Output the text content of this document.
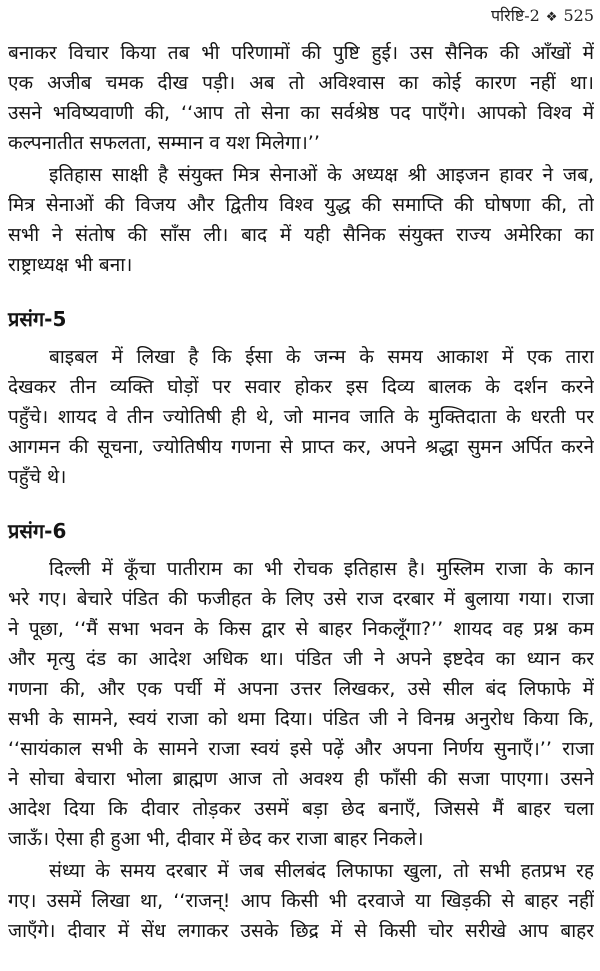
परिष्टि-2 ❖ 525
बनाकर विचार किया तब भी परिणामों की पुष्टि हुई। उस सैनिक की आँखों में
एक अजीब चमक दीख पड़ी। अब तो अविश्वास का कोई कारण नहीं था।
उसने भविष्यवाणी की, ‘‘आप तो सेना का सर्वश्रेष्ठ पद पाएँगे। आपको विश्व में
कल्पनातीत सफलता, सम्मान व यश मिलेगा।’’
इतिहास साक्षी है संयुक्त मित्र सेनाओं के अध्यक्ष श्री आइजन हावर ने जब,
मित्र सेनाओं की विजय और द्वितीय विश्व युद्ध की समाप्ति की घोषणा की, तो
सभी ने संतोष की साँस ली। बाद में यही सैनिक संयुक्त राज्य अमेरिका का
राष्ट्राध्यक्ष भी बना।
प्रसंग-5
बाइबल में लिखा है कि ईसा के जन्म के समय आकाश में एक तारा
देखकर तीन व्यक्ति घोड़ों पर सवार होकर इस दिव्य बालक के दर्शन करने
पहुँचे। शायद वे तीन ज्योतिषी ही थे, जो मानव जाति के मुक्तिदाता के धरती पर
आगमन की सूचना, ज्योतिषीय गणना से प्राप्त कर, अपने श्रद्धा सुमन अर्पित करने
पहुँचे थे।
प्रसंग-6
दिल्ली में कूँचा पातीराम का भी रोचक इतिहास है। मुस्लिम राजा के कान
भरे गए। बेचारे पंडित की फजीहत के लिए उसे राज दरबार में बुलाया गया। राजा
ने पूछा, ‘‘मैं सभा भवन के किस द्वार से बाहर निकलूँगा?’’ शायद वह प्रश्न कम
और मृत्यु दंड का आदेश अधिक था। पंडित जी ने अपने इष्टदेव का ध्यान कर
गणना की, और एक पर्ची में अपना उत्तर लिखकर, उसे सील बंद लिफाफे में
सभी के सामने, स्वयं राजा को थमा दिया। पंडित जी ने विनम्र अनुरोध किया कि,
‘‘सायंकाल सभी के सामने राजा स्वयं इसे पढ़ें और अपना निर्णय सुनाएँ।’’ राजा
ने सोचा बेचारा भोला ब्राह्मण आज तो अवश्य ही फाँसी की सजा पाएगा। उसने
आदेश दिया कि दीवार तोड़कर उसमें बड़ा छेद बनाएँ, जिससे मैं बाहर चला
जाऊँ। ऐसा ही हुआ भी, दीवार में छेद कर राजा बाहर निकले।
संध्या के समय दरबार में जब सीलबंद लिफाफा खुला, तो सभी हतप्रभ रह
गए। उसमें लिखा था, ‘‘राजन्! आप किसी भी दरवाजे या खिड़की से बाहर नहीं
जाएँगे। दीवार में सेंध लगाकर उसके छिद्र में से किसी चोर सरीखे आप बाहर
